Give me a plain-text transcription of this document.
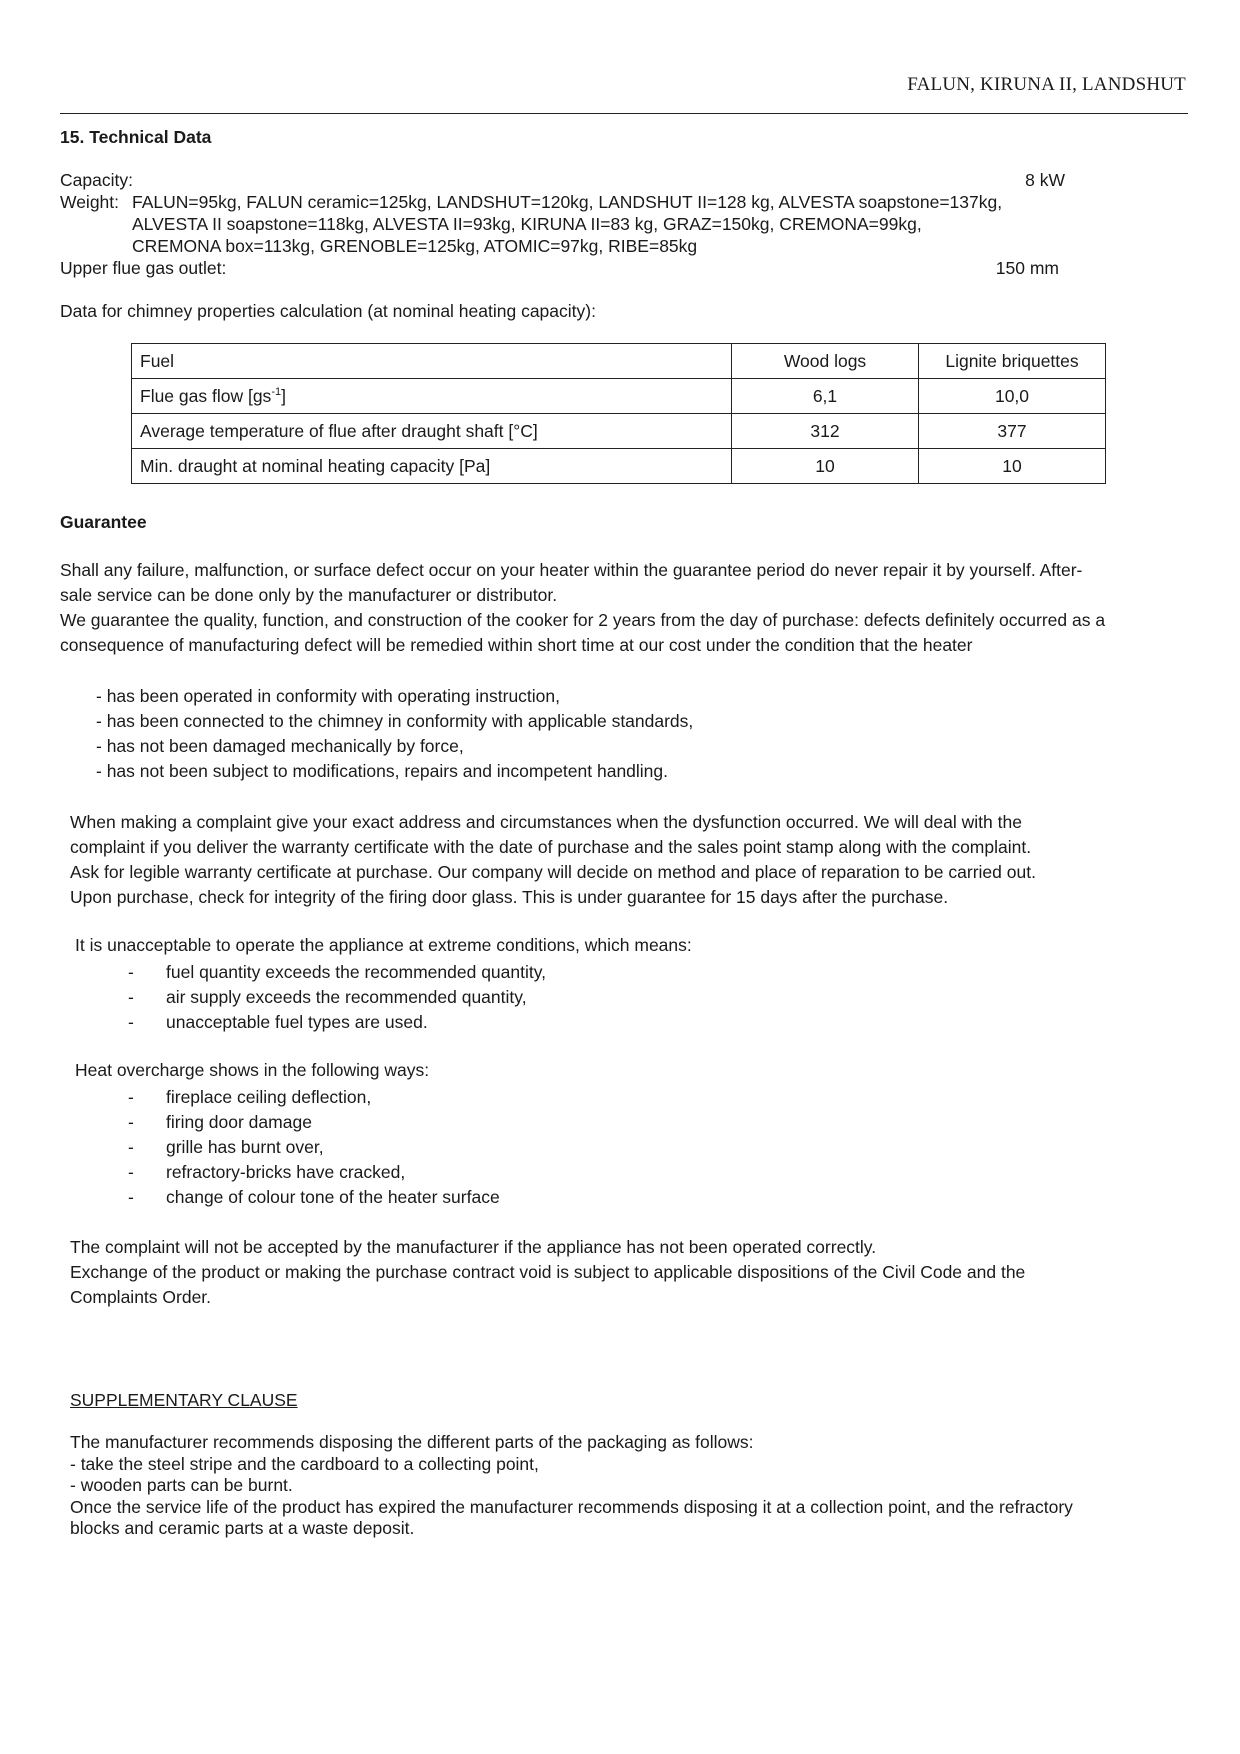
FALUN, KIRUNA II, LANDSHUT
15. Technical Data
Capacity:	8 kW
Weight: FALUN=95kg, FALUN ceramic=125kg, LANDSHUT=120kg, LANDSHUT II=128 kg, ALVESTA soapstone=137kg,
ALVESTA II soapstone=118kg, ALVESTA II=93kg, KIRUNA II=83 kg, GRAZ=150kg, CREMONA=99kg,
CREMONA box=113kg, GRENOBLE=125kg, ATOMIC=97kg, RIBE=85kg
Upper flue gas outlet:	150 mm
Data for chimney properties calculation (at nominal heating capacity):
Fuel	Wood logs	Lignite briquettes
Flue gas flow $[gs^{-1}]$	6,1	10,0
Average temperature of flue after draught shaft [°C]	312	377
Min. draught at nominal heating capacity [Pa]	10	10
Guarantee
Shall any failure, malfunction, or surface defect occur on your heater within the guarantee period do never repair it by yourself. After-
sale service can be done only by the manufacturer or distributor.
We guarantee the quality, function, and construction of the cooker for 2 years from the day of purchase: defects definitely occurred as a
consequence of manufacturing defect will be remedied within short time at our cost under the condition that the heater
- has been operated in conformity with operating instruction,
- has been connected to the chimney in conformity with applicable standards,
- has not been damaged mechanically by force,
- has not been subject to modifications, repairs and incompetent handling.
When making a complaint give your exact address and circumstances when the dysfunction occurred. We will deal with the
complaint if you deliver the warranty certificate with the date of purchase and the sales point stamp along with the complaint.
Ask for legible warranty certificate at purchase. Our company will decide on method and place of reparation to be carried out.
Upon purchase, check for integrity of the firing door glass. This is under guarantee for 15 days after the purchase.
It is unacceptable to operate the appliance at extreme conditions, which means:
-
-
-
fuel quantity exceeds the recommended quantity,
air supply exceeds the recommended quantity,
unacceptable fuel types are used.
Heat overcharge shows in the following ways:
-
-
-
-
-
fireplace ceiling deflection,
firing door damage
grille has burnt over,
refractory-bricks have cracked,
change of colour tone of the heater surface
The complaint will not be accepted by the manufacturer if the appliance has not been operated correctly.
Exchange of the product or making the purchase contract void is subject to applicable dispositions of the Civil Code and the
Complaints Order.
SUPPLEMENTARY CLAUSE
The manufacturer recommends disposing the different parts of the packaging as follows:
- take the steel stripe and the cardboard to a collecting point,
- wooden parts can be burnt.
Once the service life of the product has expired the manufacturer recommends disposing it at a collection point, and the refractory
blocks and ceramic parts at a waste deposit.
